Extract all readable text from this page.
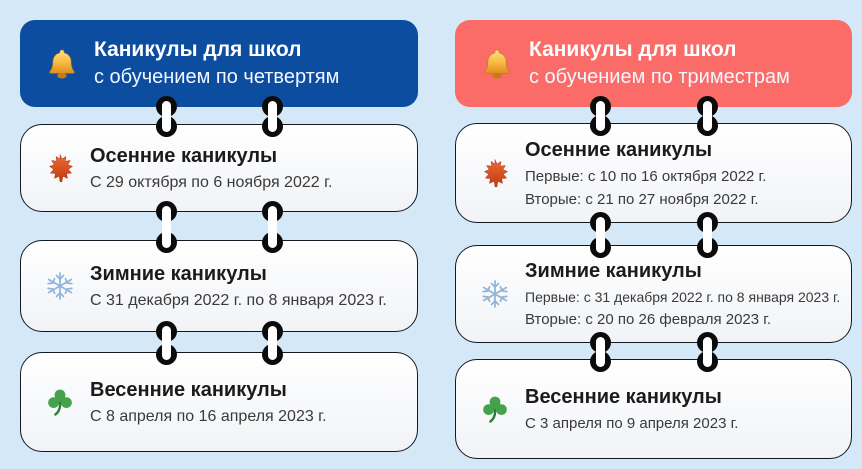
Каникулы для школ
с обучением по четвертям
Осенние каникулы
С 29 октября по 6 ноября 2022 г.
Зимние каникулы
С 31 декабря 2022 г. по 8 января 2023 г.
Весенние каникулы
С 8 апреля по 16 апреля 2023 г.
Каникулы для школ
с обучением по триместрам
Осенние каникулы
Первые: с 10 по 16 октября 2022 г.
Вторые: с 21 по 27 ноября 2022 г.
Зимние каникулы
Первые: с 31 декабря 2022 г. по 8 января 2023 г.
Вторые: с 20 по 26 февраля 2023 г.
Весенние каникулы
С 3 апреля по 9 апреля 2023 г.
